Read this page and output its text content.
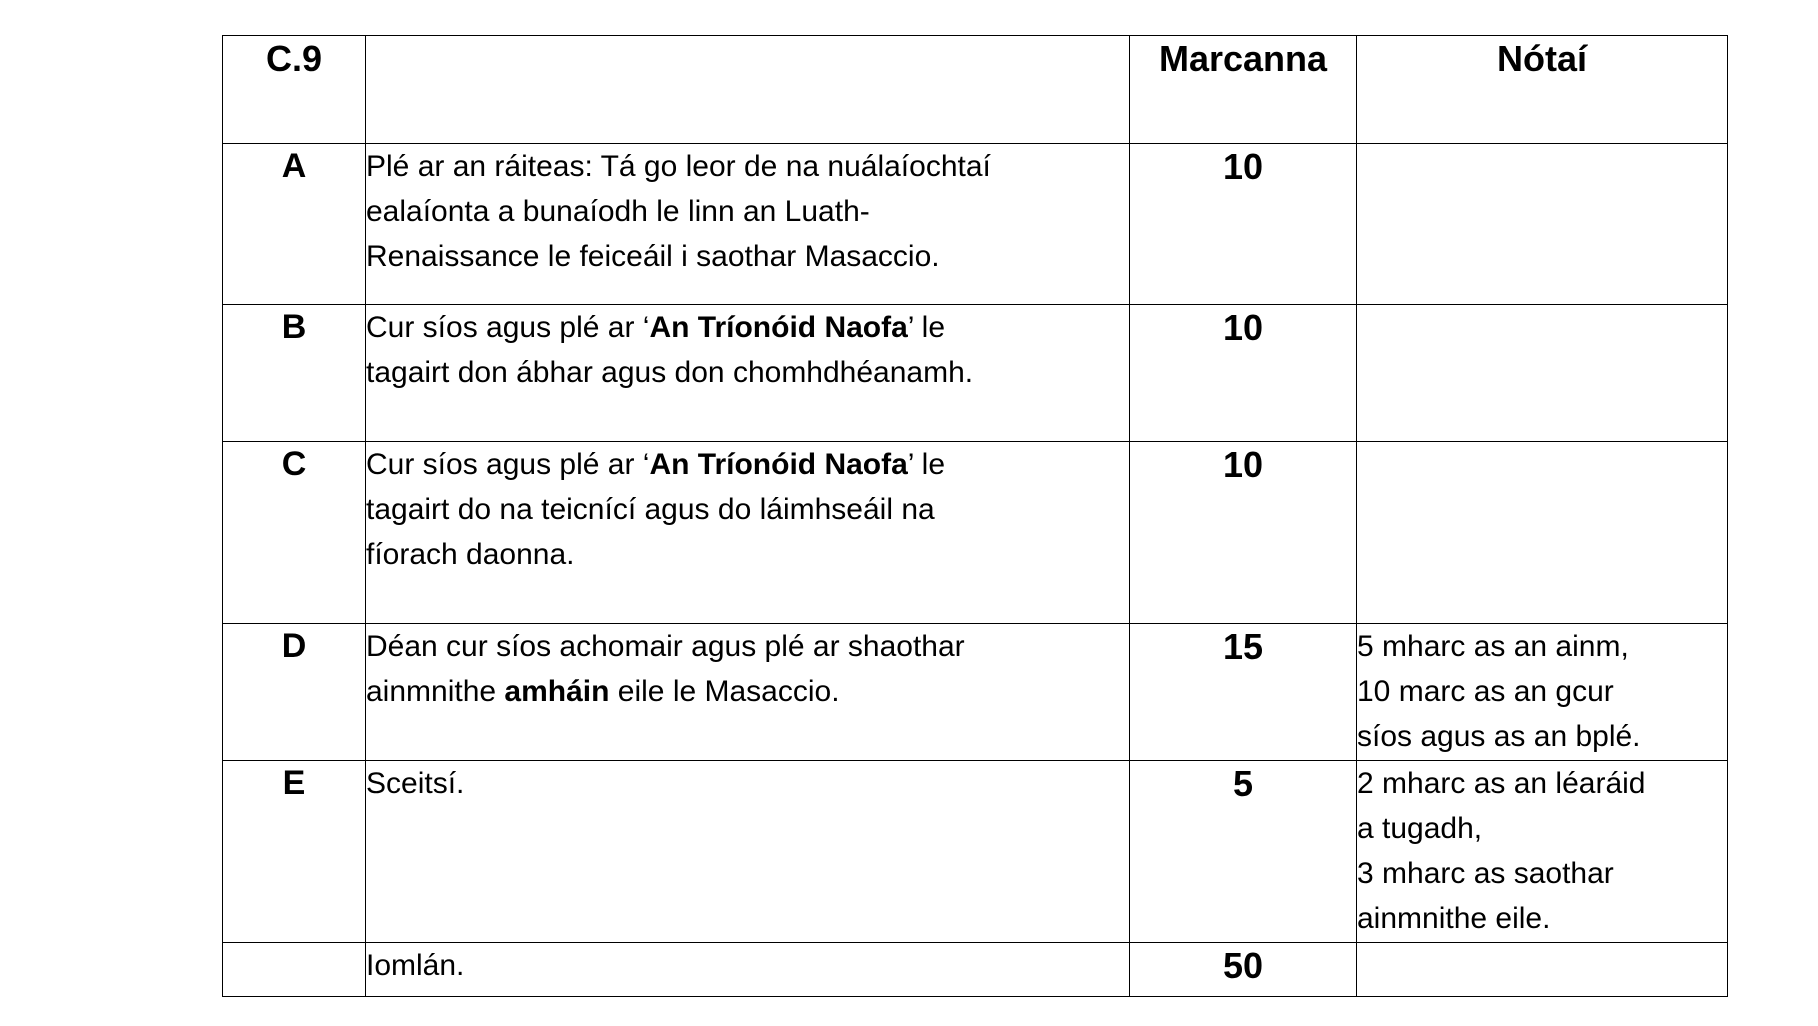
C.9		Marcanna	Nótaí
A	Plé ar an ráiteas: Tá go leor de na nuálaíochtaí
ealaíonta a bunaíodh le linn an Luath-
Renaissance le feiceáil i saothar Masaccio.	10	
B	Cur síos agus plé ar ‘An Tríonóid Naofa’ le
tagairt don ábhar agus don chomhdhéanamh.	10	
C	Cur síos agus plé ar ‘An Tríonóid Naofa’ le
tagairt do na teicnící agus do láimhseáil na
fíorach daonna.	10	
D	Déan cur síos achomair agus plé ar shaothar
ainmnithe amháin eile le Masaccio.	15	5 mharc as an ainm,
10 marc as an gcur
síos agus as an bplé.

E	Sceitsí.	5	2 mharc as an léaráid
a tugadh,
3 mharc as saothar
ainmnithe eile.

	Iomlán.	50	
